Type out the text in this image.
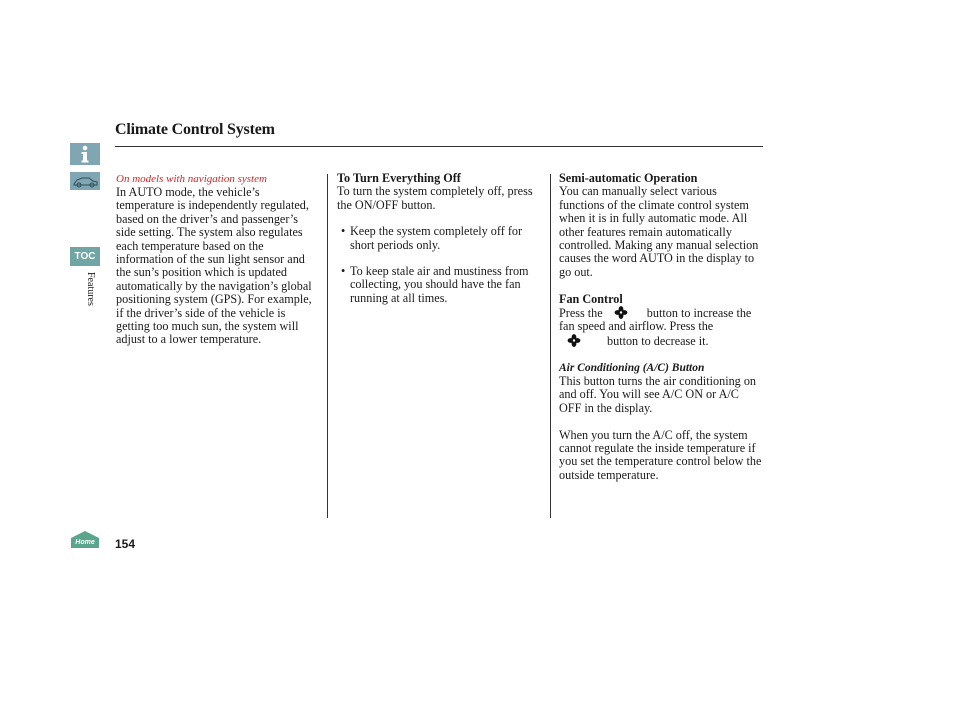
TOC
Features
Home
Climate Control System

On models with navigation system

In AUTO mode, the vehicle’s temperature is independently regulated, based on the driver’s and passenger’s side setting. The system also regulates each temperature based on the information of the sun light sensor and the sun’s position which is updated automatically by the navigation’s global positioning system (GPS). For example, if the driver’s side of the vehicle is getting too much sun, the system will adjust to a lower temperature.

To Turn Everything Off

To turn the system completely off, press the ON/OFF button.

• Keep the system completely off for short periods only.
• To keep stale air and mustiness from collecting, you should have the fan running at all times.

Semi-automatic Operation

You can manually select various functions of the climate control system when it is in fully automatic mode. All other features remain automatically controlled. Making any manual selection causes the word AUTO in the display to go out.

Fan Control

Press the	button to increase the fan speed and airflow. Press the button to decrease it.

Air Conditioning (A/C) Button

This button turns the air conditioning on and off. You will see A/C ON or A/C OFF in the display.

When you turn the A/C off, the system cannot regulate the inside temperature if you set the temperature control below the outside temperature.

154
